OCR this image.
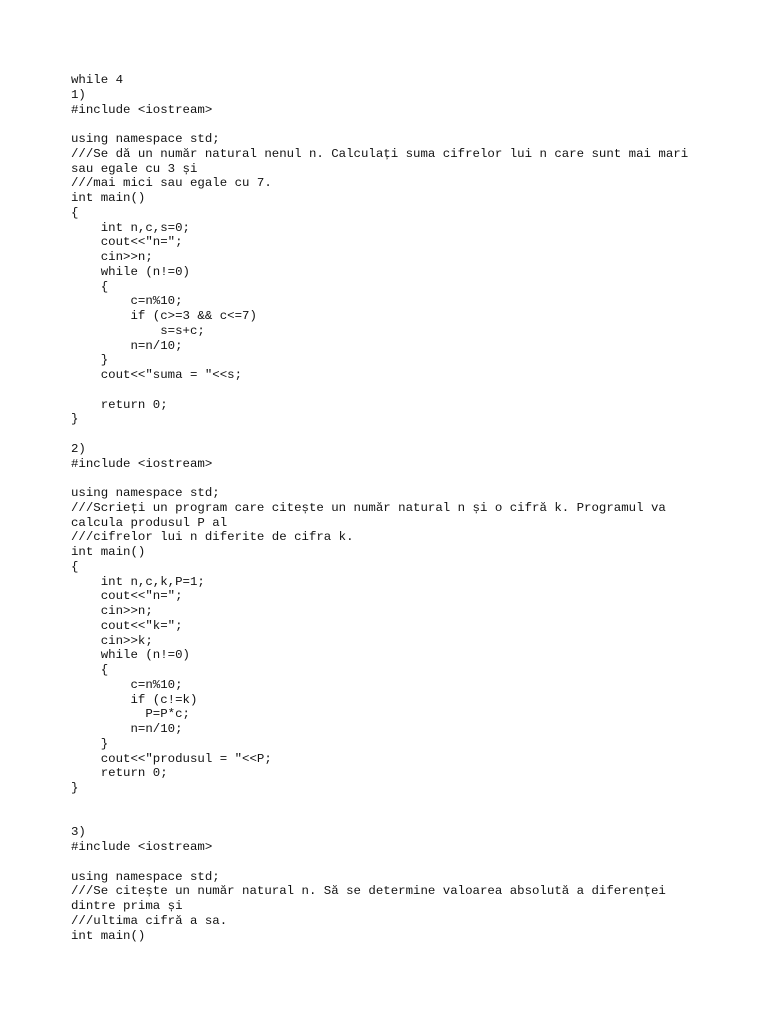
while 4
1)
#include <iostream>
using namespace std;
///Se dă un număr natural nenul n. Calculați suma cifrelor lui n care sunt mai mari
sau egale cu 3 și
///mai mici sau egale cu 7.
int main()
{
int n,c,s=0;
cout<<"n=";
cin>>n;
while (n!=0)
{
c=n%10;
if (c>=3 && c<=7)
s=s+c;
n=n/10;
}
cout<<"suma = "<<s;
return 0;
}
2)
#include <iostream>
using namespace std;
///Scrieți un program care citește un număr natural n și o cifră k. Programul va
calcula produsul P al
///cifrelor lui n diferite de cifra k.
int main()
{
int n,c,k,P=1;
cout<<"n=";
cin>>n;
cout<<"k=";
cin>>k;
while (n!=0)
{
c=n%10;
if (c!=k)
P=P*c;
n=n/10;
}
cout<<"produsul = "<<P;
return 0;
}
3)
#include <iostream>
using namespace std;
///Se citește un număr natural n. Să se determine valoarea absolută a diferenței
dintre prima și
///ultima cifră a sa.
int main()
